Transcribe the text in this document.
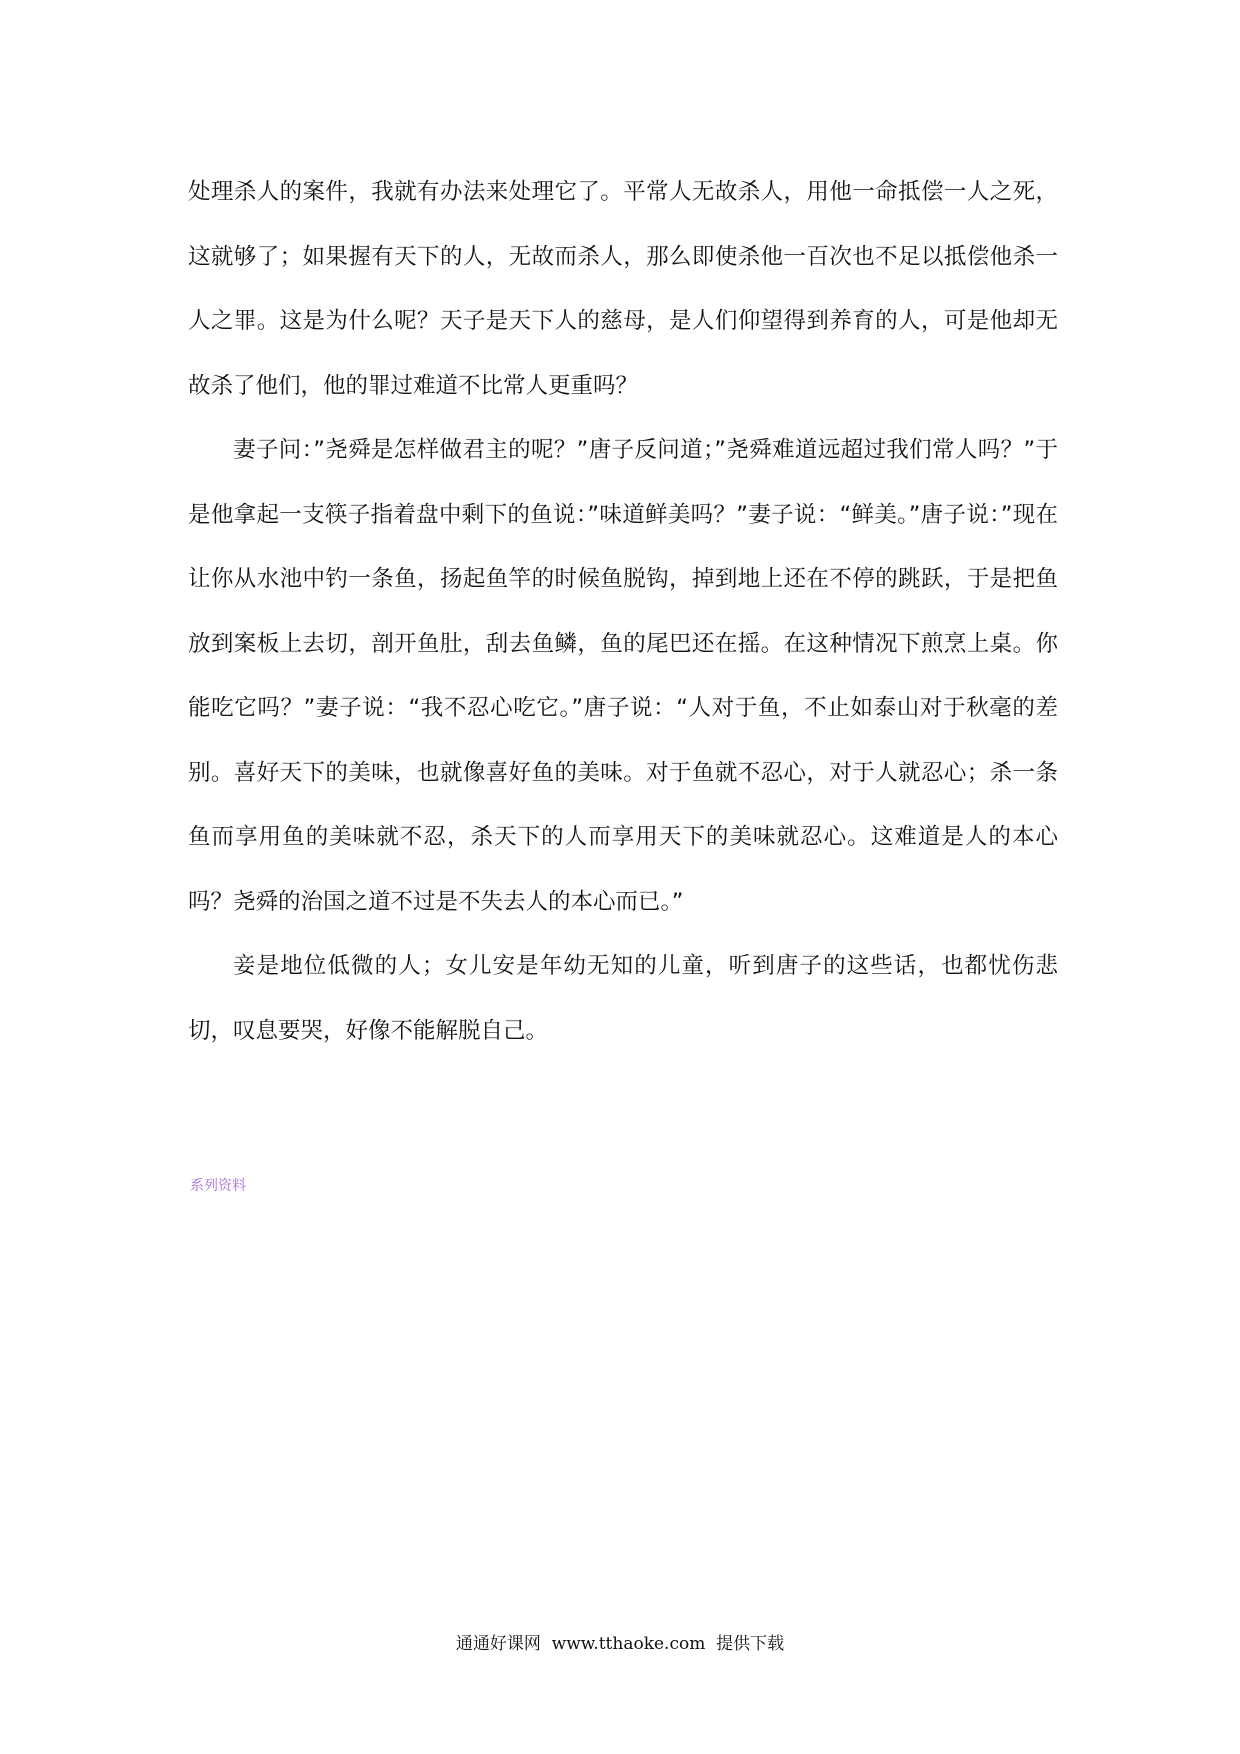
处理杀人的案件，我就有办法来处理它了。平常人无故杀人，用他一命抵偿一人之死，这就够了；如果握有天下的人，无故而杀人，那么即使杀他一百次也不足以抵偿他杀一人之罪。这是为什么呢？天子是天下人的慈母，是人们仰望得到养育的人，可是他却无故杀了他们，他的罪过难道不比常人更重吗？

妻子问：”尧舜是怎样做君主的呢？”唐子反问道；”尧舜难道远超过我们常人吗？”于是他拿起一支筷子指着盘中剩下的鱼说：”味道鲜美吗？”妻子说：“鲜美。”唐子说：”现在让你从水池中钓一条鱼，扬起鱼竿的时候鱼脱钩，掉到地上还在不停的跳跃，于是把鱼放到案板上去切，剖开鱼肚，刮去鱼鳞，鱼的尾巴还在摇。在这种情况下煎烹上桌。你能吃它吗？”妻子说：“我不忍心吃它。”唐子说：“人对于鱼，不止如泰山对于秋毫的差别。喜好天下的美味，也就像喜好鱼的美味。对于鱼就不忍心，对于人就忍心；杀一条鱼而享用鱼的美味就不忍，杀天下的人而享用天下的美味就忍心。这难道是人的本心吗？尧舜的治国之道不过是不失去人的本心而已。”

妾是地位低微的人；女儿安是年幼无知的儿童，听到唐子的这些话，也都忧伤悲切，叹息要哭，好像不能解脱自己。

系列资料
通通好课网  www.tthaoke.com  提供下载
